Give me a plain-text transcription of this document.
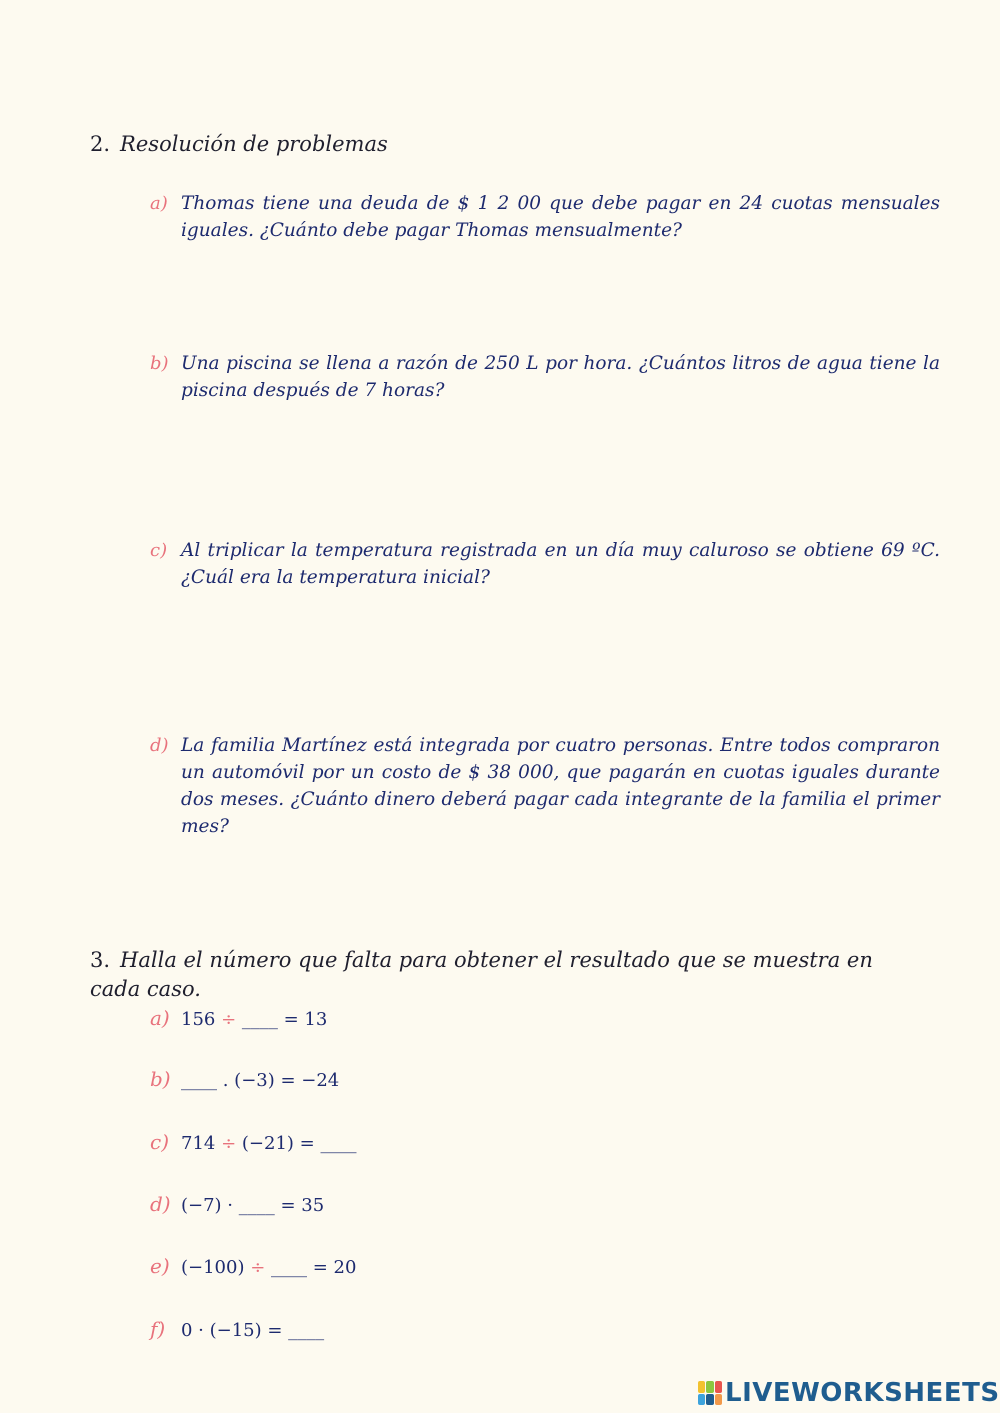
2. Resolución de problemas
a) Thomas tiene una deuda de $ 1 2 00 que debe pagar en 24 cuotas mensuales iguales. ¿Cuánto debe pagar Thomas mensualmente?
b) Una piscina se llena a razón de 250 L por hora. ¿Cuántos litros de agua tiene la piscina después de 7 horas?
c) Al triplicar la temperatura registrada en un día muy caluroso se obtiene 69 ºC. ¿Cuál era la temperatura inicial?
d) La familia Martínez está integrada por cuatro personas. Entre todos compraron un automóvil por un costo de $ 38 000, que pagarán en cuotas iguales durante dos meses. ¿Cuánto dinero deberá pagar cada integrante de la familia el primer mes?
3. Halla el número que falta para obtener el resultado que se muestra en cada caso.
a) 156 ÷ ____ = 13
b) ____ . (−3) = −24
c) 714 ÷ (−21) = ____
d) (−7) · ____ = 35
e) (−100) ÷ ____ = 20
f) 0 · (−15) = ____
LIVEWORKSHEETS
